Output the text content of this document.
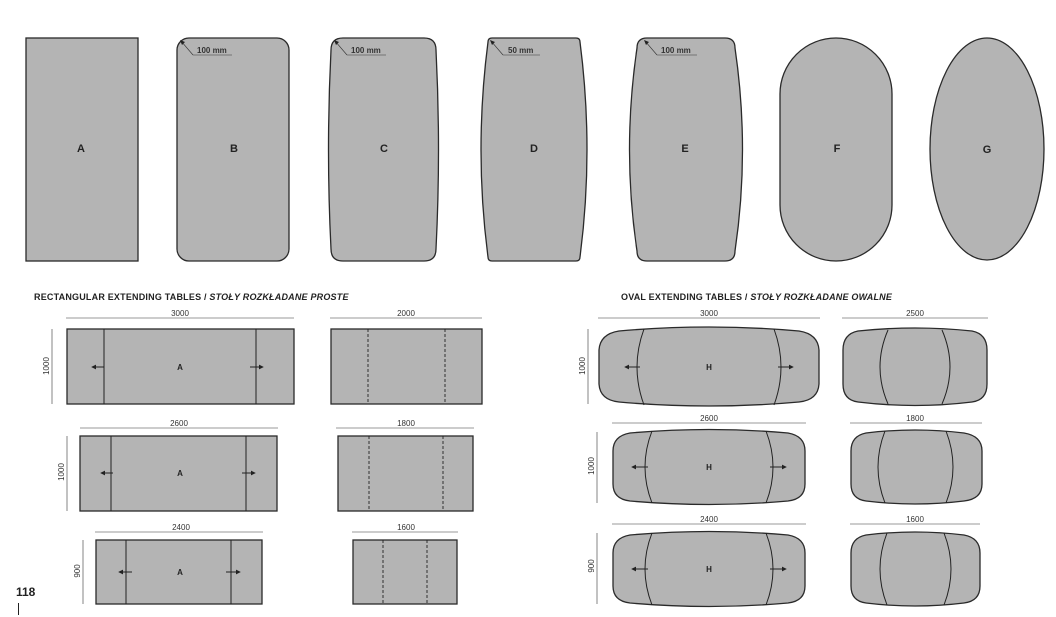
A	B
100 mm
C
100 mm
D
50 mm
E
100 mm
F	G
3000
1000	A
2000
2600
1000	A
1800
2400
900	A
1600
3000
1000	H
2500
2600
1000	H
1800
2400
900	H
1600
RECTANGULAR EXTENDING TABLES / STOŁY ROZKŁADANE PROSTE	OVAL EXTENDING TABLES / STOŁY ROZKŁADANE OWALNE
118
